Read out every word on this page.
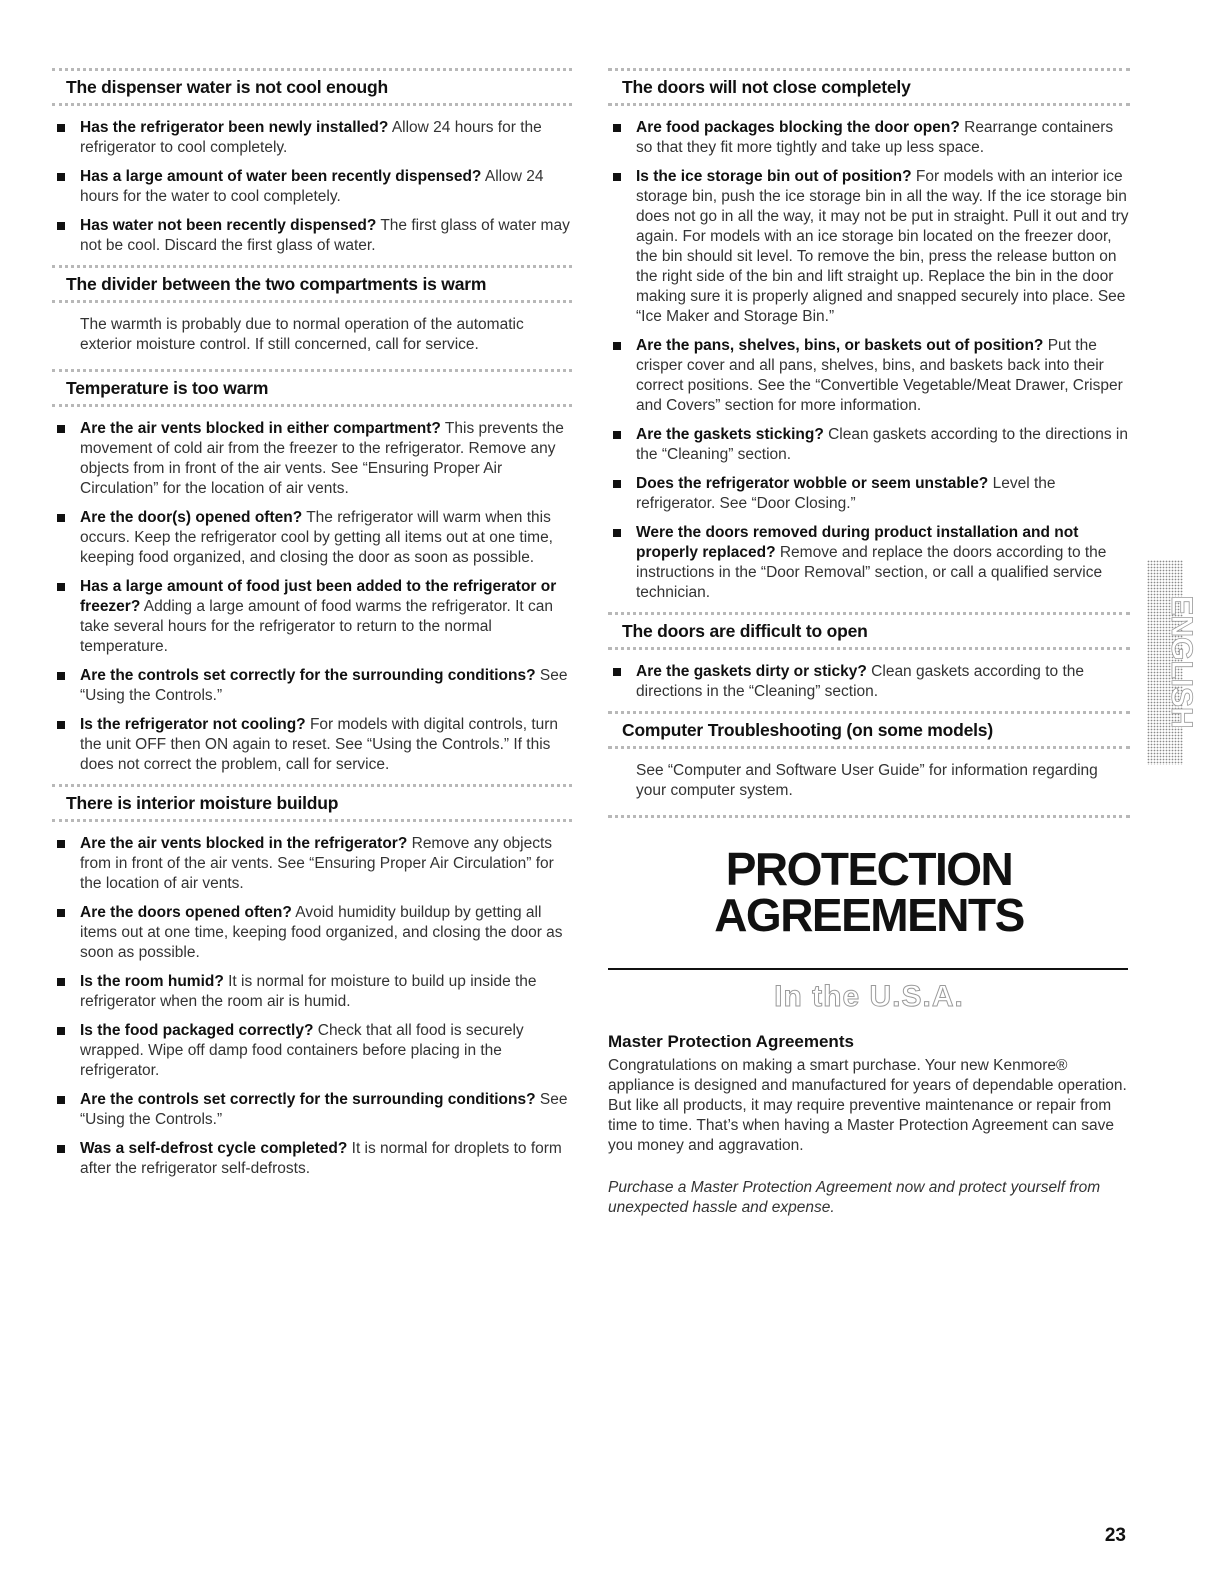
The dispenser water is not cool enough
Has the refrigerator been newly installed? Allow 24 hours for the refrigerator to cool completely.
Has a large amount of water been recently dispensed? Allow 24 hours for the water to cool completely.
Has water not been recently dispensed? The first glass of water may not be cool. Discard the first glass of water.
The divider between the two compartments is warm
The warmth is probably due to normal operation of the automatic exterior moisture control. If still concerned, call for service.
Temperature is too warm
Are the air vents blocked in either compartment? This prevents the movement of cold air from the freezer to the refrigerator. Remove any objects from in front of the air vents. See “Ensuring Proper Air Circulation” for the location of air vents.
Are the door(s) opened often? The refrigerator will warm when this occurs. Keep the refrigerator cool by getting all items out at one time, keeping food organized, and closing the door as soon as possible.
Has a large amount of food just been added to the refrigerator or freezer? Adding a large amount of food warms the refrigerator. It can take several hours for the refrigerator to return to the normal temperature.
Are the controls set correctly for the surrounding conditions? See “Using the Controls.”
Is the refrigerator not cooling? For models with digital controls, turn the unit OFF then ON again to reset. See “Using the Controls.” If this does not correct the problem, call for service.
There is interior moisture buildup
Are the air vents blocked in the refrigerator? Remove any objects from in front of the air vents. See “Ensuring Proper Air Circulation” for the location of air vents.
Are the doors opened often? Avoid humidity buildup by getting all items out at one time, keeping food organized, and closing the door as soon as possible.
Is the room humid? It is normal for moisture to build up inside the refrigerator when the room air is humid.
Is the food packaged correctly? Check that all food is securely wrapped. Wipe off damp food containers before placing in the refrigerator.
Are the controls set correctly for the surrounding conditions? See “Using the Controls.”
Was a self-defrost cycle completed? It is normal for droplets to form after the refrigerator self-defrosts.
The doors will not close completely
Are food packages blocking the door open? Rearrange containers so that they fit more tightly and take up less space.
Is the ice storage bin out of position? For models with an interior ice storage bin, push the ice storage bin in all the way. If the ice storage bin does not go in all the way, it may not be put in straight. Pull it out and try again. For models with an ice storage bin located on the freezer door, the bin should sit level. To remove the bin, press the release button on the right side of the bin and lift straight up. Replace the bin in the door making sure it is properly aligned and snapped securely into place. See “Ice Maker and Storage Bin.”
Are the pans, shelves, bins, or baskets out of position? Put the crisper cover and all pans, shelves, bins, and baskets back into their correct positions. See the “Convertible Vegetable/Meat Drawer, Crisper and Covers” section for more information.
Are the gaskets sticking? Clean gaskets according to the directions in the “Cleaning” section.
Does the refrigerator wobble or seem unstable? Level the refrigerator. See “Door Closing.”
Were the doors removed during product installation and not properly replaced? Remove and replace the doors according to the instructions in the “Door Removal” section, or call a qualified service technician.
The doors are difficult to open
Are the gaskets dirty or sticky? Clean gaskets according to the directions in the “Cleaning” section.
Computer Troubleshooting (on some models)
See “Computer and Software User Guide” for information regarding your computer system.
PROTECTION
AGREEMENTS
In the U.S.A.
Master Protection Agreements
Congratulations on making a smart purchase. Your new Kenmore® appliance is designed and manufactured for years of dependable operation. But like all products, it may require preventive maintenance or repair from time to time. That’s when having a Master Protection Agreement can save you money and aggravation.
Purchase a Master Protection Agreement now and protect yourself from unexpected hassle and expense.
ENGLISH
23
